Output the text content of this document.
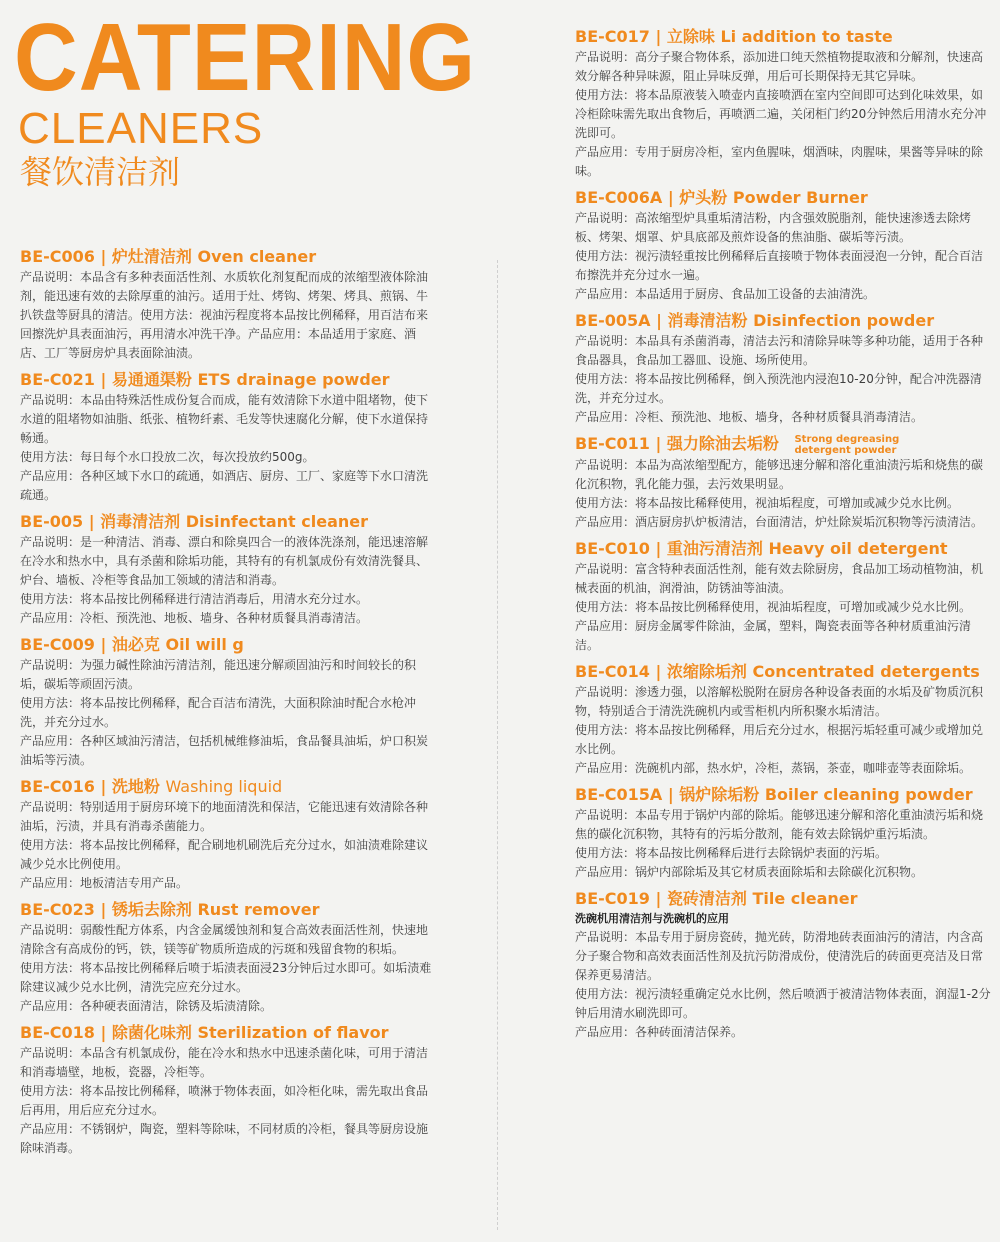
CATERING
CLEANERS
餐饮清洁剂
BE-C006 | 炉灶清洁剂 Oven cleaner

产品说明：本品含有多种表面活性剂、水质软化剂复配而成的浓缩型液体除油剂，能迅速有效的去除厚重的油污。适用于灶、烤钩、烤架、烤具、煎锅、牛扒铁盘等厨具的清洁。使用方法：视油污程度将本品按比例稀释，用百洁布来回擦洗炉具表面油污，再用清水冲洗干净。产品应用：本品适用于家庭、酒店、工厂等厨房炉具表面除油渍。

BE-C021 | 易通通渠粉 ETS drainage powder

产品说明：本品由特殊活性成份复合而成，能有效清除下水道中阻堵物，使下水道的阻堵物如油脂、纸张、植物纤素、毛发等快速腐化分解，使下水道保持畅通。

使用方法：每日每个水口投放二次，每次投放约500g。

产品应用：各种区域下水口的疏通，如酒店、厨房、工厂、家庭等下水口清洗疏通。

BE-005 | 消毒清洁剂 Disinfectant cleaner

产品说明：是一种清洁、消毒、漂白和除臭四合一的液体洗涤剂，能迅速溶解在冷水和热水中，具有杀菌和除垢功能，其特有的有机氯成份有效清洗餐具、炉台、墙板、冷柜等食品加工领域的清洁和消毒。

使用方法：将本品按比例稀释进行清洁消毒后，用清水充分过水。

产品应用：冷柜、预洗池、地板、墙身、各种材质餐具消毒清洁。

BE-C009 | 油必克 Oil will g

产品说明：为强力碱性除油污清洁剂，能迅速分解顽固油污和时间较长的积垢，碳垢等顽固污渍。

使用方法：将本品按比例稀释，配合百洁布清洗，大面积除油时配合水枪冲洗，并充分过水。

产品应用：各种区域油污清洁，包括机械维修油垢，食品餐具油垢，炉口积炭油垢等污渍。

BE-C016 | 洗地粉 Washing liquid

产品说明：特别适用于厨房环境下的地面清洗和保洁，它能迅速有效清除各种油垢，污渍，并具有消毒杀菌能力。

使用方法：将本品按比例稀释，配合刷地机刷洗后充分过水，如油渍难除建议减少兑水比例使用。

产品应用：地板清洁专用产品。

BE-C023 | 锈垢去除剂 Rust remover

产品说明：弱酸性配方体系，内含金属缓蚀剂和复合高效表面活性剂，快速地清除含有高成份的钙，铁，镁等矿物质所造成的污斑和残留食物的积垢。

使用方法：将本品按比例稀释后喷于垢渍表面浸23分钟后过水即可。如垢渍难除建议减少兑水比例，清洗完应充分过水。

产品应用：各种硬表面清洁，除锈及垢渍清除。

BE-C018 | 除菌化味剂 Sterilization of flavor

产品说明：本品含有机氯成份，能在冷水和热水中迅速杀菌化味，可用于清洁和消毒墙壁，地板，瓷器，冷柜等。

使用方法：将本品按比例稀释，喷淋于物体表面，如冷柜化味，需先取出食品后再用，用后应充分过水。

产品应用：不锈钢炉，陶瓷，塑料等除味，不同材质的冷柜，餐具等厨房设施除味消毒。

BE-C017 | 立除味 Li addition to taste

产品说明：高分子聚合物体系，添加进口纯天然植物提取液和分解剂，快速高效分解各种异味源，阻止异味反弹，用后可长期保持无其它异味。

使用方法：将本品原液装入喷壶内直接喷洒在室内空间即可达到化味效果，如冷柜除味需先取出食物后，再喷洒二遍，关闭柜门约20分钟然后用清水充分冲洗即可。

产品应用：专用于厨房冷柜，室内鱼腥味，烟酒味，肉腥味，果酱等异味的除味。

BE-C006A | 炉头粉 Powder Burner

产品说明：高浓缩型炉具重垢清洁粉，内含强效脱脂剂，能快速渗透去除烤板、烤架、烟罩、炉具底部及煎炸设备的焦油脂、碳垢等污渍。

使用方法：视污渍轻重按比例稀释后直接喷于物体表面浸泡一分钟，配合百洁布擦洗并充分过水一遍。

产品应用：本品适用于厨房、食品加工设备的去油清洗。

BE-005A | 消毒清洁粉 Disinfection powder

产品说明：本品具有杀菌消毒，清洁去污和清除异味等多种功能，适用于各种食品器具，食品加工器皿、设施、场所使用。

使用方法：将本品按比例稀释，倒入预洗池内浸泡10-20分钟，配合冲洗器清洗，并充分过水。

产品应用：冷柜、预洗池、地板、墙身，各种材质餐具消毒清洁。

BE-C011 | 强力除油去垢粉 Strong degreasing
detergent powder

产品说明：本品为高浓缩型配方，能够迅速分解和溶化重油渍污垢和烧焦的碳化沉积物，乳化能力强，去污效果明显。

使用方法：将本品按比稀释使用，视油垢程度，可增加或减少兑水比例。

产品应用：酒店厨房扒炉板清洁，台面清洁，炉灶除炭垢沉积物等污渍清洁。

BE-C010 | 重油污清洁剂 Heavy oil detergent

产品说明：富含特种表面活性剂，能有效去除厨房，食品加工场动植物油，机械表面的机油，润滑油，防锈油等油渍。

使用方法：将本品按比例稀释使用，视油垢程度，可增加或减少兑水比例。

产品应用：厨房金属零件除油，金属，塑料，陶瓷表面等各种材质重油污清洁。

BE-C014 | 浓缩除垢剂 Concentrated detergents

产品说明：渗透力强，以溶解松脱附在厨房各种设备表面的水垢及矿物质沉积物，特别适合于清洗洗碗机内或雪柜机内所积聚水垢清洁。

使用方法：将本品按比例稀释，用后充分过水，根据污垢轻重可减少或增加兑水比例。

产品应用：洗碗机内部，热水炉，冷柜，蒸锅，茶壶，咖啡壶等表面除垢。

BE-C015A | 锅炉除垢粉 Boiler cleaning powder

产品说明：本品专用于锅炉内部的除垢。能够迅速分解和溶化重油渍污垢和烧焦的碳化沉积物，其特有的污垢分散剂，能有效去除锅炉重污垢渍。

使用方法：将本品按比例稀释后进行去除锅炉表面的污垢。

产品应用：锅炉内部除垢及其它材质表面除垢和去除碳化沉积物。

BE-C019 | 瓷砖清洁剂 Tile cleaner
洗碗机用清洁剂与洗碗机的应用

产品说明：本品专用于厨房瓷砖，抛光砖，防滑地砖表面油污的清洁，内含高分子聚合物和高效表面活性剂及抗污防滑成份，使清洗后的砖面更亮洁及日常保养更易清洁。

使用方法：视污渍轻重确定兑水比例，然后喷洒于被清洁物体表面，润湿1-2分钟后用清水刷洗即可。

产品应用：各种砖面清洁保养。
